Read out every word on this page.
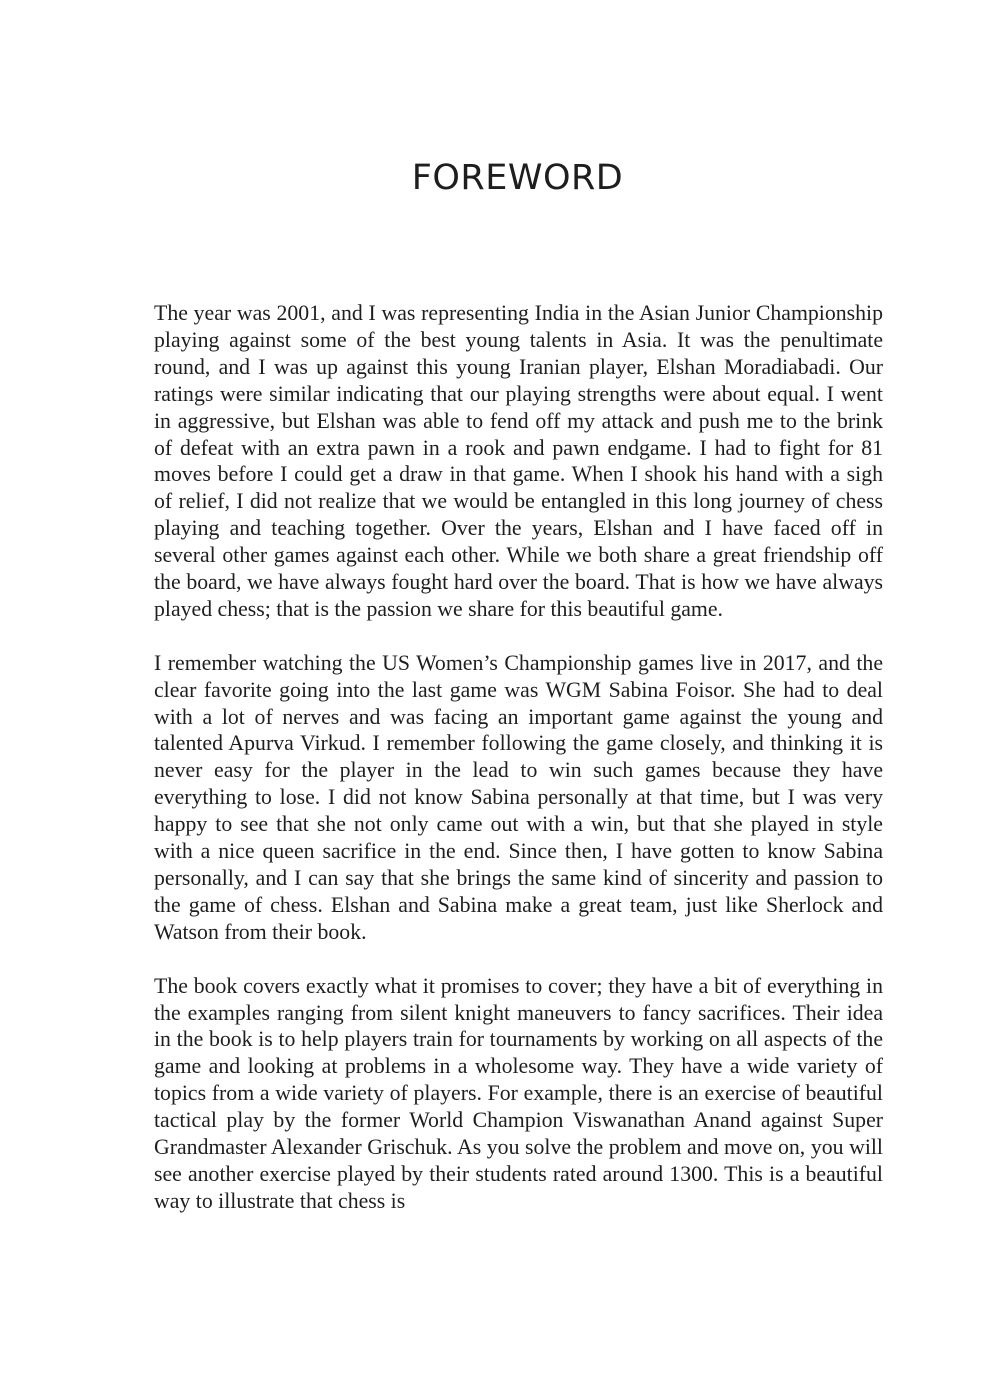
FOREWORD

The year was 2001, and I was representing India in the Asian Junior Championship playing against some of the best young talents in Asia. It was the penultimate round, and I was up against this young Iranian player, Elshan Moradiabadi. Our ratings were similar indicating that our playing strengths were about equal. I went in aggressive, but Elshan was able to fend off my attack and push me to the brink of defeat with an extra pawn in a rook and pawn endgame. I had to fight for 81 moves before I could get a draw in that game. When I shook his hand with a sigh of relief, I did not realize that we would be entangled in this long journey of chess playing and teaching together. Over the years, Elshan and I have faced off in several other games against each other. While we both share a great friendship off the board, we have always fought hard over the board. That is how we have always played chess; that is the passion we share for this beautiful game.

I remember watching the US Women’s Championship games live in 2017, and the clear favorite going into the last game was WGM Sabina Foisor. She had to deal with a lot of nerves and was facing an important game against the young and talented Apurva Virkud. I remember following the game closely, and thinking it is never easy for the player in the lead to win such games because they have everything to lose. I did not know Sabina personally at that time, but I was very happy to see that she not only came out with a win, but that she played in style with a nice queen sacrifice in the end. Since then, I have gotten to know Sabina personally, and I can say that she brings the same kind of sincerity and passion to the game of chess. Elshan and Sabina make a great team, just like Sherlock and Watson from their book.

The book covers exactly what it promises to cover; they have a bit of everything in the examples ranging from silent knight maneuvers to fancy sacrifices. Their idea in the book is to help players train for tournaments by working on all aspects of the game and looking at problems in a wholesome way. They have a wide variety of topics from a wide variety of players. For example, there is an exercise of beautiful tactical play by the former World Champion Viswanathan Anand against Super Grandmaster Alexander Grischuk. As you solve the problem and move on, you will see another exercise played by their students rated around 1300. This is a beautiful way to illustrate that chess is
